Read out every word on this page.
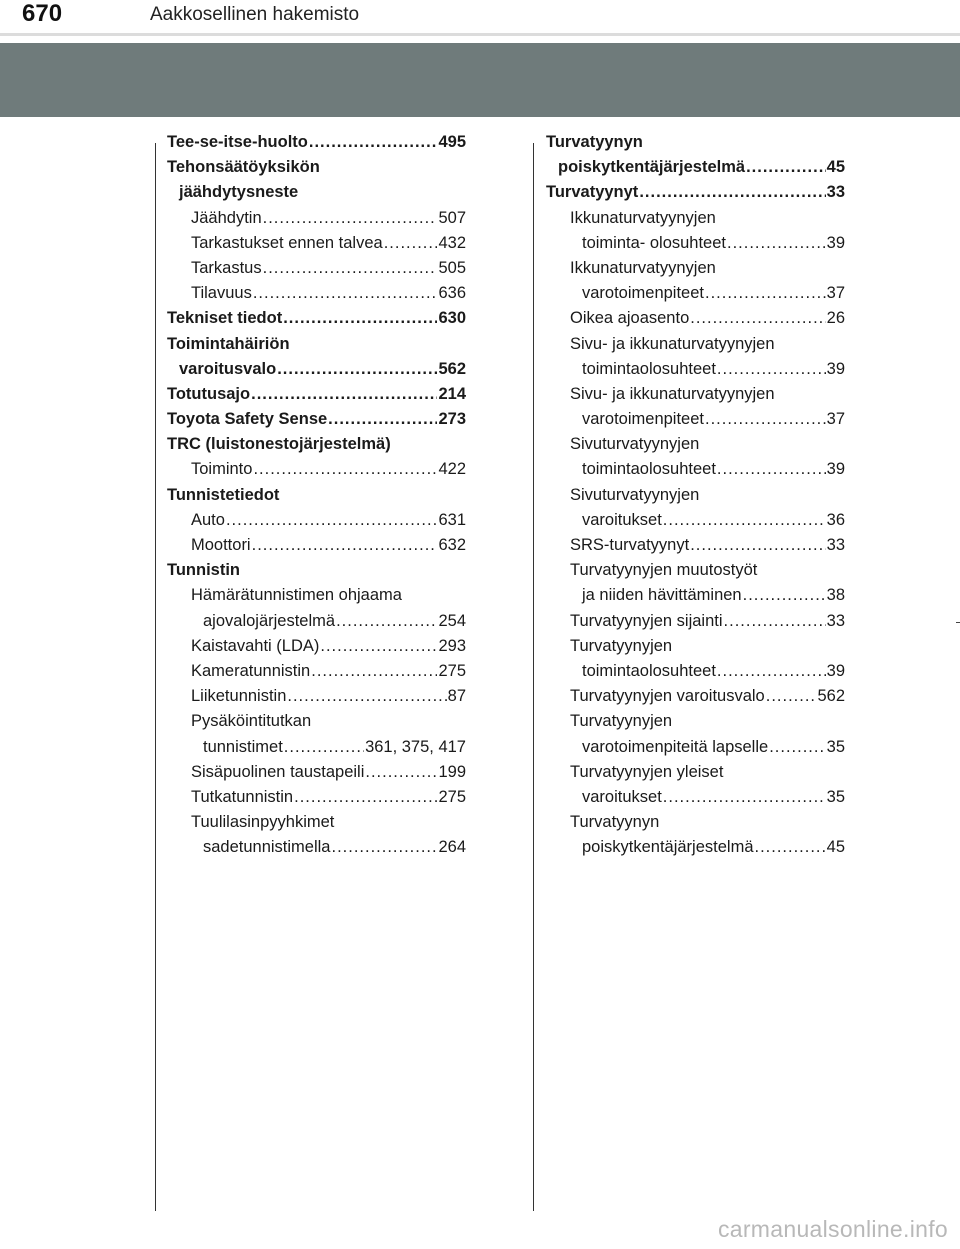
670	Aakkosellinen hakemisto
Tee-se-itse-huolto .....	495
Tehonsäätöyksikön
jäähdytysneste
Jäähdytin .....	507
Tarkastukset ennen talvea .....	432
Tarkastus .....	505
Tilavuus .....	636
Tekniset tiedot .....	630
Toimintahäiriön
varoitusvalo .....	562
Totutusajo .....	214
Toyota Safety Sense .....	273
TRC (luistonestojärjestelmä)
Toiminto .....	422
Tunnistetiedot
Auto .....	631
Moottori .....	632
Tunnistin
Hämärätunnistimen ohjaama
ajovalojärjestelmä .....	254
Kaistavahti (LDA) .....	293
Kameratunnistin .....	275
Liiketunnistin .....	87
Pysäköintitutkan
tunnistimet .....	361, 375, 417
Sisäpuolinen taustapeili .....	199
Tutkatunnistin .....	275
Tuulilasinpyyhkimet
sadetunnistimella .....	264
Turvatyynyn
poiskytkentäjärjestelmä .....	45
Turvatyynyt .....	33
Ikkunaturvatyynyjen
toiminta- olosuhteet .....	39
Ikkunaturvatyynyjen
varotoimenpiteet .....	37
Oikea ajoasento .....	26
Sivu- ja ikkunaturvatyynyjen
toimintaolosuhteet .....	39
Sivu- ja ikkunaturvatyynyjen
varotoimenpiteet .....	37
Sivuturvatyynyjen
toimintaolosuhteet .....	39
Sivuturvatyynyjen
varoitukset .....	36
SRS-turvatyynyt .....	33
Turvatyynyjen muutostyöt
ja niiden hävittäminen .....	38
Turvatyynyjen sijainti .....	33
Turvatyynyjen
toimintaolosuhteet .....	39
Turvatyynyjen varoitusvalo .....	562
Turvatyynyjen
varotoimenpiteitä lapselle .....	35
Turvatyynyjen yleiset
varoitukset .....	35
Turvatyynyn
poiskytkentäjärjestelmä .....	45
carmanualsonline.info
